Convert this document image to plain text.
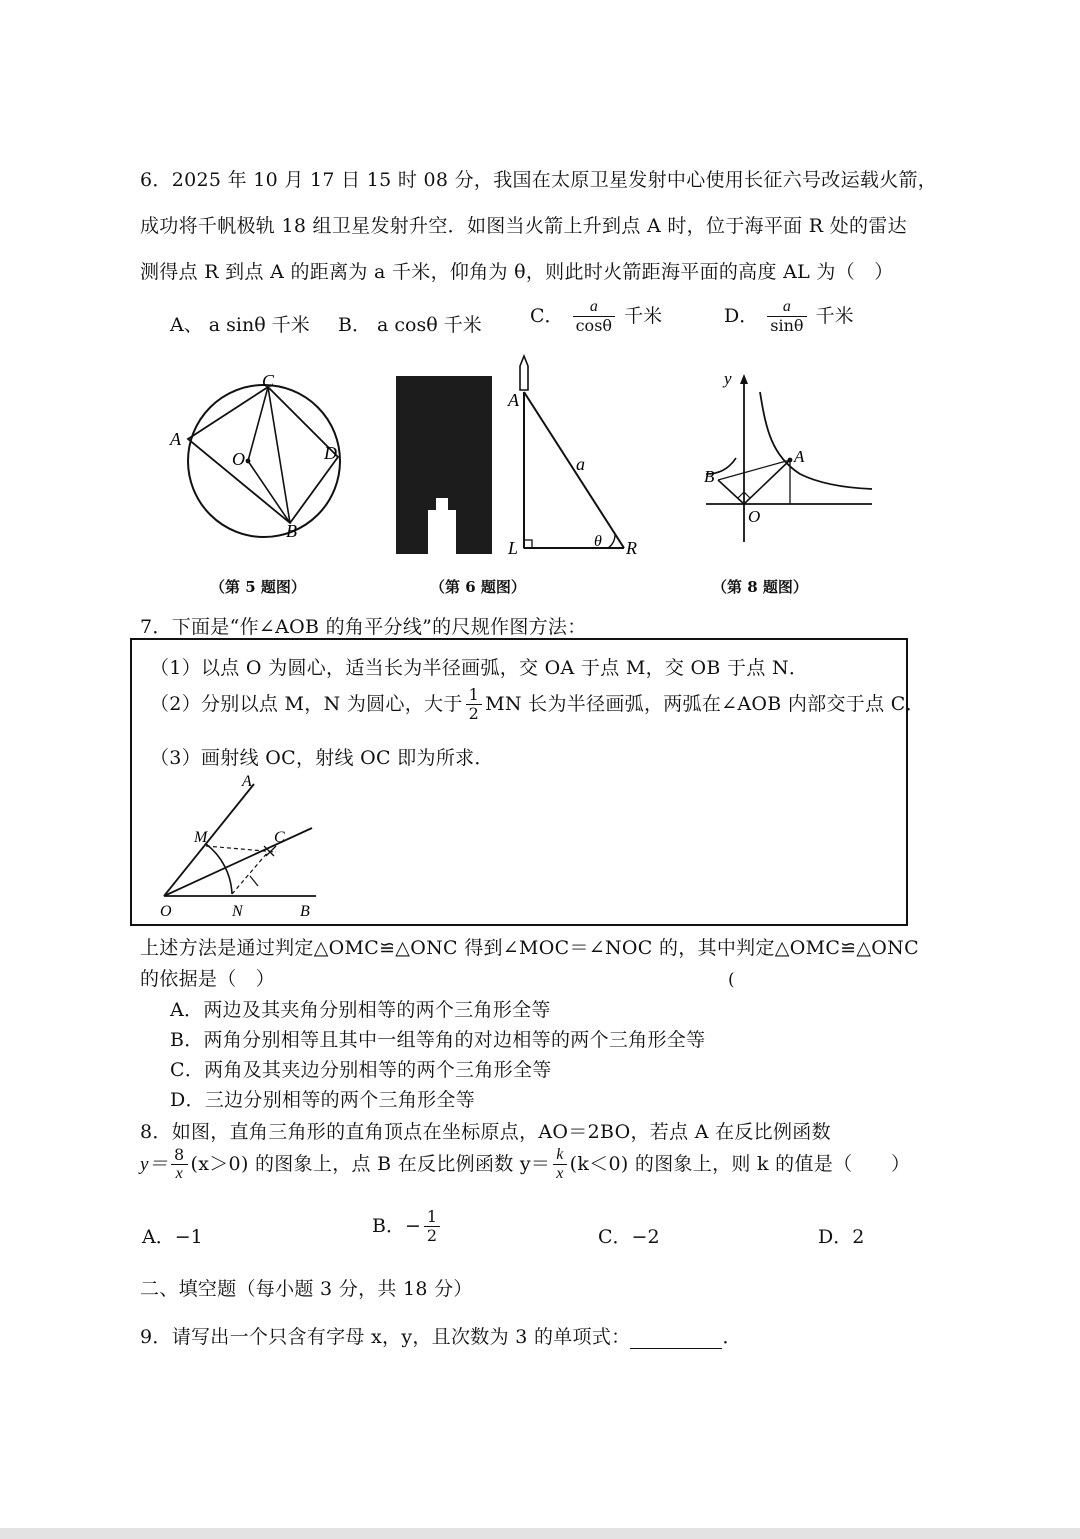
6．2025 年 10 月 17 日 15 时 08 分，我国在太原卫星发射中心使用长征六号改运载火箭，
成功将千帆极轨 18 组卫星发射升空．如图当火箭上升到点 A 时，位于海平面 R 处的雷达
测得点 R 到点 A 的距离为 a 千米，仰角为 θ，则此时火箭距海平面的高度 AL 为（　）
A、 a sinθ 千米 B． a cosθ 千米	C． $\frac{a}{\cos\theta}$ 千米	D． $\frac{a}{\sin\theta}$ 千米
C
A
D
B
O
（第 5 题图）
A
a
L	R
θ
（第 6 题图）
y
A
B
O
（第 8 题图）
7．下面是“作∠AOB 的角平分线”的尺规作图方法：
（1）以点 O 为圆心，适当长为半径画弧，交 OA 于点 M，交 OB 于点 N．
（2）分别以点 M，N 为圆心，大于 $\frac{1}{2}$ MN 长为半径画弧，两弧在∠AOB 内部交于点 C．
（3）画射线 OC，射线 OC 即为所求．
A
M	C
O	N	B
上述方法是通过判定△OMC≌△ONC 得到∠MOC＝∠NOC 的，其中判定△OMC≌△ONC
的依据是（　）	(
A．两边及其夹角分别相等的两个三角形全等
B．两角分别相等且其中一组等角的对边相等的两个三角形全等
C．两角及其夹边分别相等的两个三角形全等
D．三边分别相等的两个三角形全等
8．如图，直角三角形的直角顶点在坐标原点，AO＝2BO，若点 A 在反比例函数
$y= \frac{8}{x} (x>0)$ 的图象上，点 B 在反比例函数 $y= \frac{k}{x} (k<0)$ 的图象上，则 k 的值是（　　）
A．−1
B．− $\frac{1}{2}$	C．−2	D．2
二、填空题（每小题 3 分，共 18 分）
9．请写出一个只含有字母 x，y，且次数为 3 的单项式：	．
